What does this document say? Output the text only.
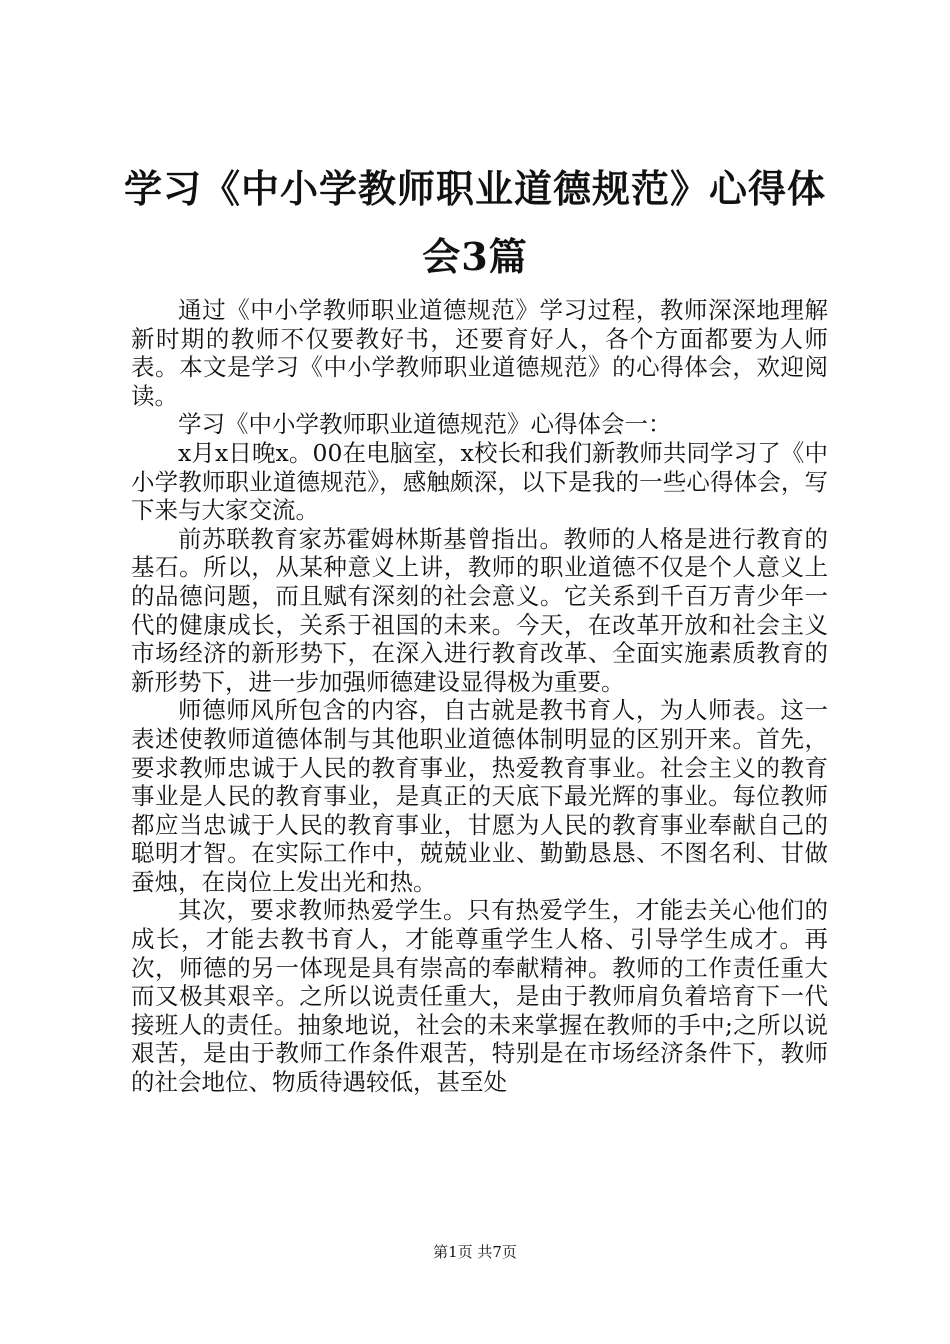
学习《中小学教师职业道德规范》心得体会3篇

通过《中小学教师职业道德规范》学习过程，教师深深地理解新时期的教师不仅要教好书，还要育好人，各个方面都要为人师表。本文是学习《中小学教师职业道德规范》的心得体会，欢迎阅读。

学习《中小学教师职业道德规范》心得体会一：

x月x日晚x。00在电脑室，x校长和我们新教师共同学习了《中小学教师职业道德规范》，感触颇深，以下是我的一些心得体会，写下来与大家交流。

前苏联教育家苏霍姆林斯基曾指出。教师的人格是进行教育的基石。所以，从某种意义上讲，教师的职业道德不仅是个人意义上的品德问题，而且赋有深刻的社会意义。它关系到千百万青少年一代的健康成长，关系于祖国的未来。今天，在改革开放和社会主义市场经济的新形势下，在深入进行教育改革、全面实施素质教育的新形势下，进一步加强师德建设显得极为重要。

师德师风所包含的内容，自古就是教书育人，为人师表。这一表述使教师道德体制与其他职业道德体制明显的区别开来。首先，要求教师忠诚于人民的教育事业，热爱教育事业。社会主义的教育事业是人民的教育事业，是真正的天底下最光辉的事业。每位教师都应当忠诚于人民的教育事业，甘愿为人民的教育事业奉献自己的聪明才智。在实际工作中，兢兢业业、勤勤恳恳、不图名利、甘做蚕烛，在岗位上发出光和热。

其次，要求教师热爱学生。只有热爱学生，才能去关心他们的成长，才能去教书育人，才能尊重学生人格、引导学生成才。再次，师德的另一体现是具有崇高的奉献精神。教师的工作责任重大而又极其艰辛。之所以说责任重大，是由于教师肩负着培育下一代接班人的责任。抽象地说，社会的未来掌握在教师的手中;之所以说艰苦，是由于教师工作条件艰苦，特别是在市场经济条件下，教师的社会地位、物质待遇较低，甚至处

第1页 共7页
